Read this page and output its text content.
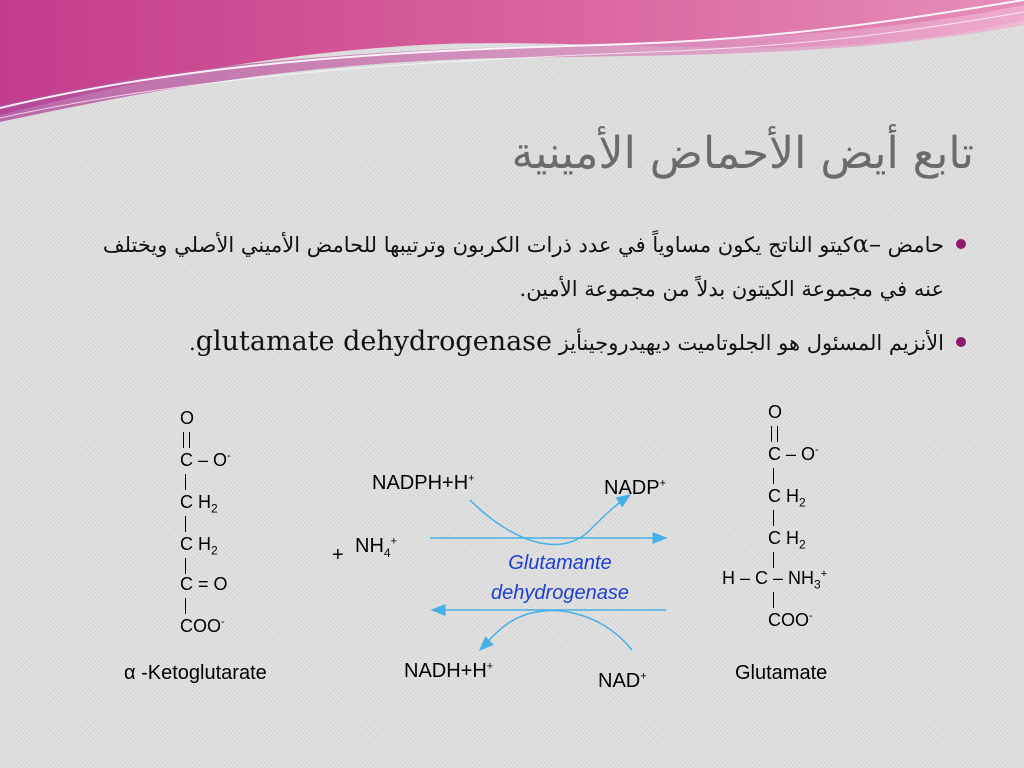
تابع أيض الأحماض الأمينية
حامض α–كيتو الناتج يكون مساوياً في عدد ذرات الكربون وترتيبها للحامض الأميني الأصلي ويختلف عنه في مجموعة الكيتون بدلاً من مجموعة الأمين.
الأنزيم المسئول هو الجلوتاميت ديهيدروجينأيز glutamate dehydrogenase.
O
C – O-
C $H_2$
C $H_2$
C = O
COO-
α -Ketoglutarate
O
C – O-
C $H_2$
C $H_2$
H – C – $NH_3^+$
COO-
Glutamate
NADPH+H+	NADP+
+ $NH_4^+$
Glutamante
dehydrogenase
NADH+H+
NAD+
